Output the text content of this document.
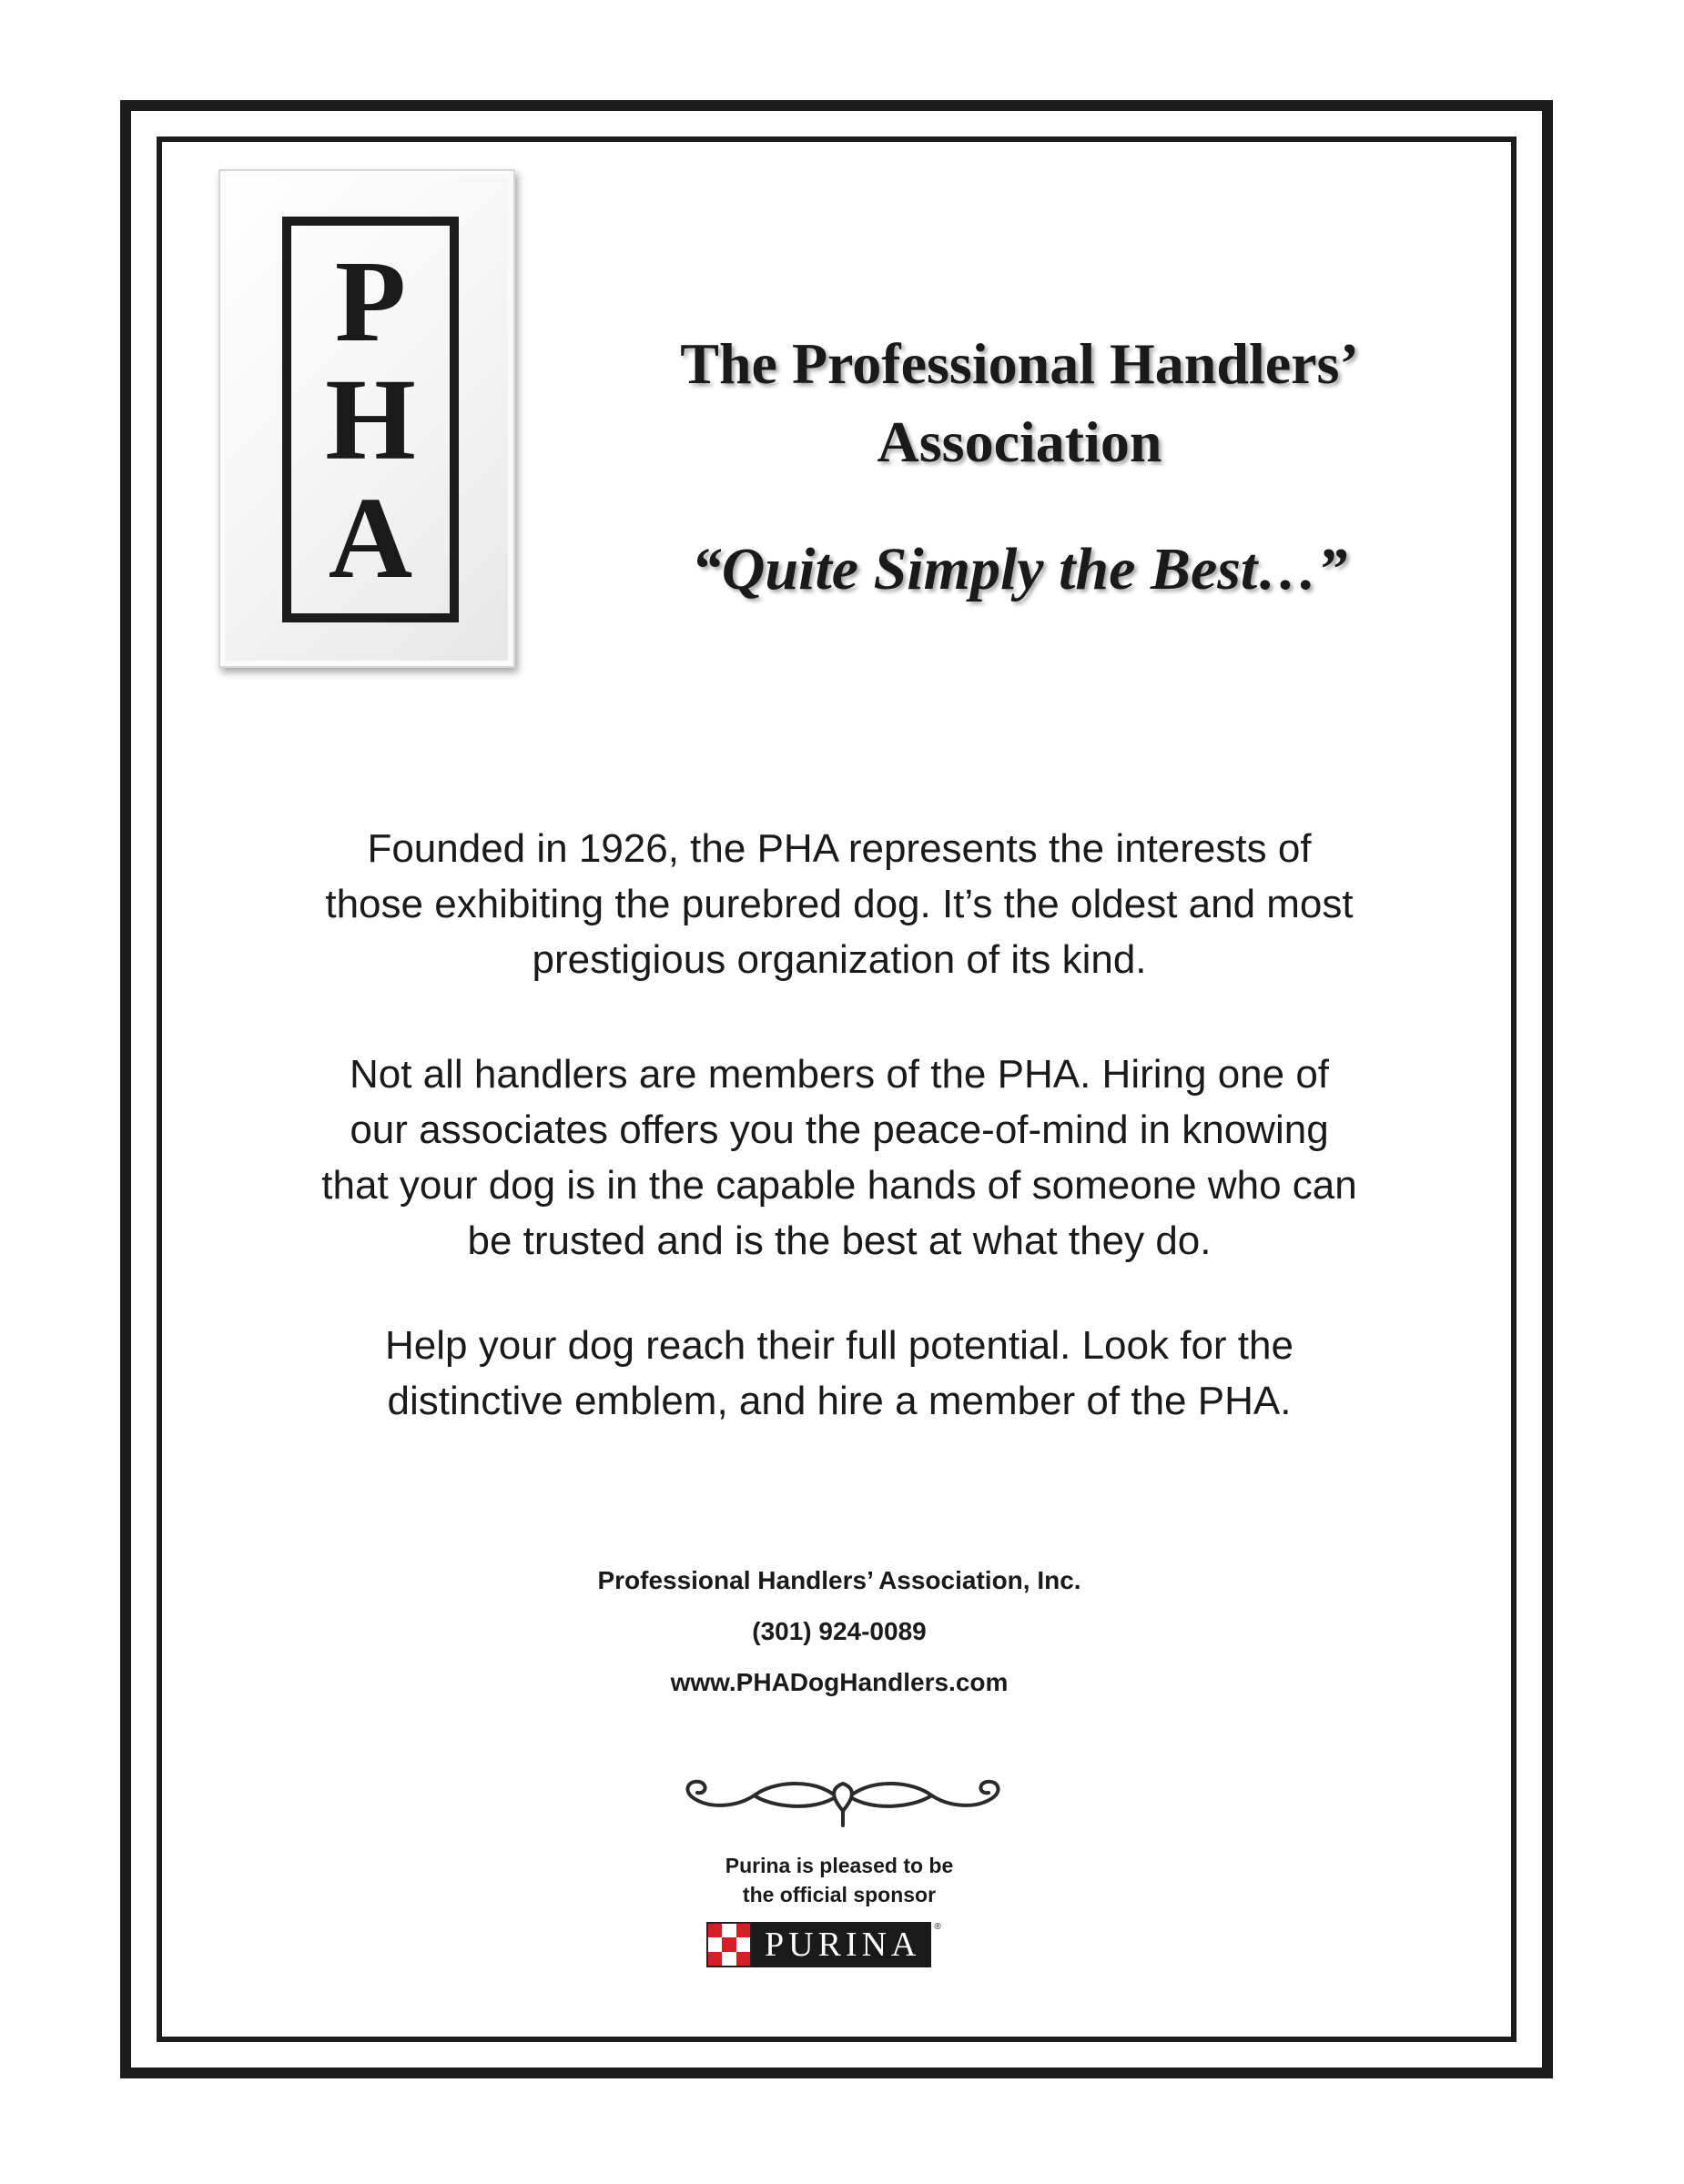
P
H
A
The Professional Handlers’
Association
“Quite Simply the Best…”

Founded in 1926, the PHA represents the interests of
those exhibiting the purebred dog. It’s the oldest and most
prestigious organization of its kind.

Not all handlers are members of the PHA. Hiring one of
our associates offers you the peace-of-mind in knowing
that your dog is in the capable hands of someone who can
be trusted and is the best at what they do.

Help your dog reach their full potential. Look for the
distinctive emblem, and hire a member of the PHA.

Professional Handlers’ Association, Inc.
(301) 924-0089
www.PHADogHandlers.com
Purina is pleased to be
the official sponsor
PURINA	®
